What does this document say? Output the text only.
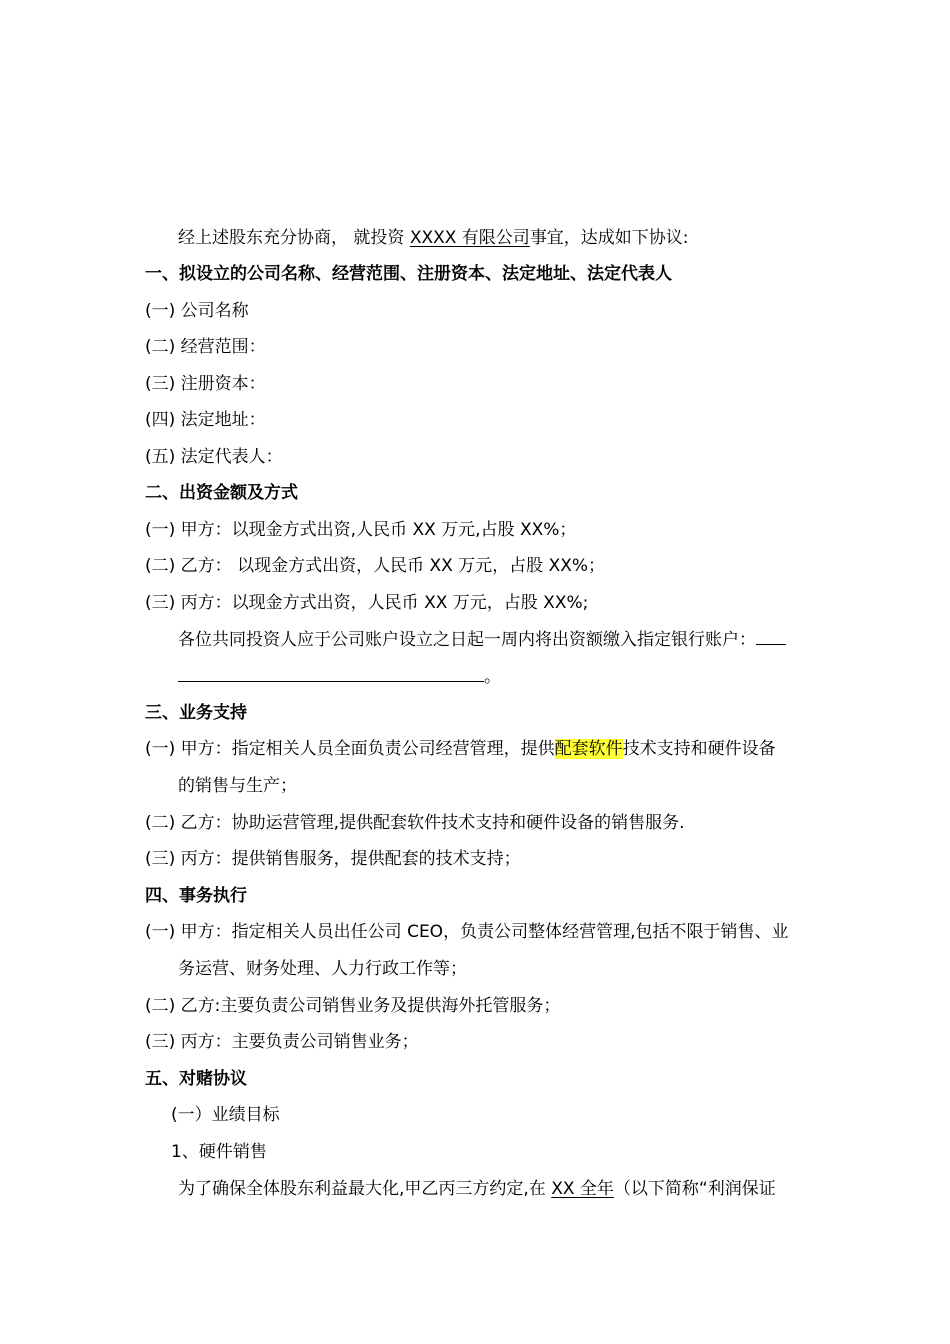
经上述股东充分协商， 就投资 XXXX 有限公司事宜，达成如下协议:
一、拟设立的公司名称、经营范围、注册资本、法定地址、法定代表人
(一) 公司名称
(二) 经营范围：
(三) 注册资本：
(四) 法定地址：
(五) 法定代表人：
二、出资金额及方式
(一) 甲方：以现金方式出资,人民币 XX 万元,占股 XX%；
(二) 乙方： 以现金方式出资，人民币 XX 万元，占股 XX%；
(三) 丙方：以现金方式出资，人民币 XX 万元，占股 XX%;
各位共同投资人应于公司账户设立之日起一周内将出资额缴入指定银行账户：
。
三、业务支持
(一) 甲方：指定相关人员全面负责公司经营管理，提供配套软件技术支持和硬件设备
的销售与生产；
(二) 乙方：协助运营管理,提供配套软件技术支持和硬件设备的销售服务.
(三) 丙方：提供销售服务，提供配套的技术支持；
四、事务执行
(一) 甲方：指定相关人员出任公司 CEO，负责公司整体经营管理,包括不限于销售、业
务运营、财务处理、人力行政工作等；
(二) 乙方:主要负责公司销售业务及提供海外托管服务；
(三) 丙方：主要负责公司销售业务；
五、对赌协议
(一）业绩目标
1、硬件销售
为了确保全体股东利益最大化,甲乙丙三方约定,在 XX 全年（以下简称“利润保证
